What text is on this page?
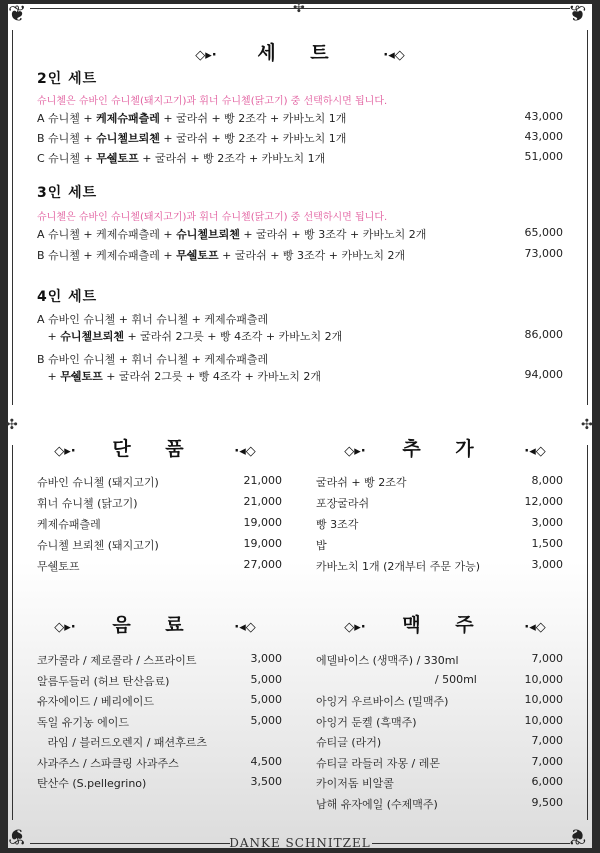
❦	❦
❦	❦
✣	✣
✣
◇▸· 세 트	·◂◇
2인 세트
슈니첼은 슈바인 슈니첼(돼지고기)과 휘너 슈니첼(닭고기) 중 선택하시면 됩니다.
A 슈니첼 + 케제슈패츨레 + 굴라쉬 + 빵 2조각 + 카바노치 1개	43,000
B 슈니첼 + 슈니첼브뢰첸 + 굴라쉬 + 빵 2조각 + 카바노치 1개	43,000
C 슈니첼 + 무쉘토프 + 굴라쉬 + 빵 2조각 + 카바노치 1개	51,000
3인 세트
슈니첼은 슈바인 슈니첼(돼지고기)과 휘너 슈니첼(닭고기) 중 선택하시면 됩니다.
A 슈니첼 + 케제슈패츨레 + 슈니첼브뢰첸 + 굴라쉬 + 빵 3조각 + 카바노치 2개	65,000
B 슈니첼 + 케제슈패츨레 + 무쉘토프 + 굴라쉬 + 빵 3조각 + 카바노치 2개	73,000
4인 세트
A 슈바인 슈니첼 + 휘너 슈니첼 + 케제슈패츨레
+ 슈니첼브뢰첸 + 굴라쉬 2그릇 + 빵 4조각 + 카바노치 2개	86,000
B 슈바인 슈니첼 + 휘너 슈니첼 + 케제슈패츨레
+ 무쉘토프 + 굴라쉬 2그릇 + 빵 4조각 + 카바노치 2개	94,000
◇▸· 단 품	·◂◇	◇▸· 추 가	·◂◇
슈바인 슈니첼 (돼지고기)	21,000
휘너 슈니첼 (닭고기)	21,000
케제슈패츨레	19,000
슈니첼 브뢰첸 (돼지고기)	19,000
무쉘토프	27,000
굴라쉬 + 빵 2조각	8,000
포장굴라쉬	12,000
빵 3조각	3,000
밥	1,500
카바노치 1개 (2개부터 주문 가능)	3,000
◇▸· 음 료	·◂◇	◇▸· 맥 주	·◂◇
코카콜라 / 제로콜라 / 스프라이트	3,000
알름두들러 (허브 탄산음료)	5,000
유자에이드 / 베리에이드	5,000
독일 유기농 에이드	5,000
라임 / 블러드오렌지 / 패션후르츠
사과주스 / 스파클링 사과주스	4,500
탄산수 (S.pellegrino)	3,500
에델바이스 (생맥주) / 330ml	7,000
/ 500ml	10,000
아잉거 우르바이스 (밀맥주)	10,000
아잉거 둔켈 (흑맥주)	10,000
슈티글 (라거)	7,000
슈티글 라들러 자몽 / 레몬	7,000
카이저돔 비알콜	6,000
남해 유자에일 (수제맥주)	9,500
DANKE SCHNITZEL
